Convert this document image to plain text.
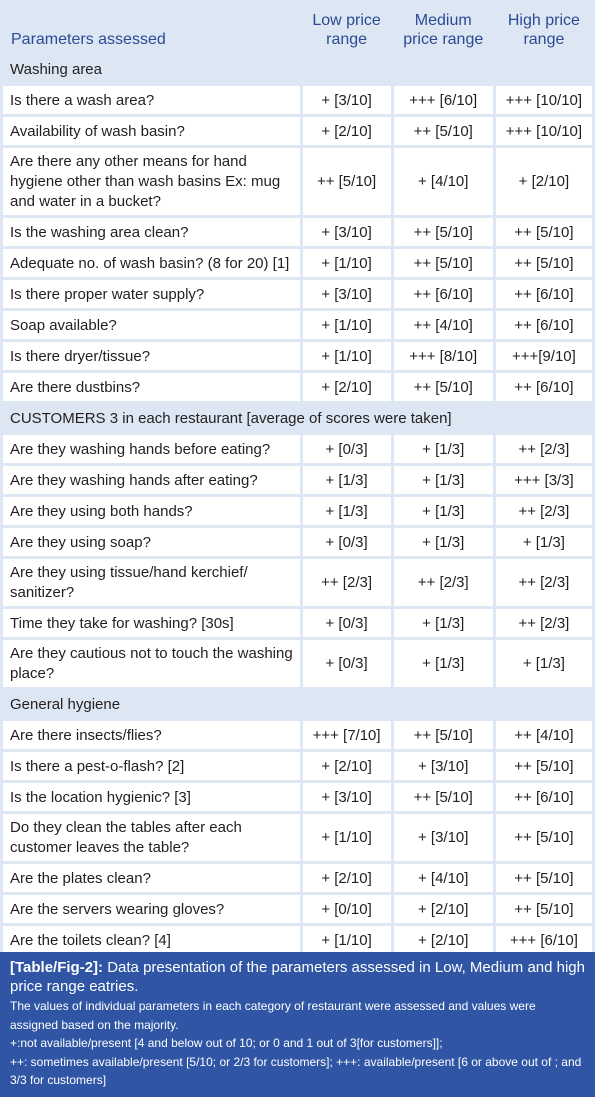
Parameters assessed	Low price range	Medium price range	High price range
Washing area			
Is there a wash area?	+ [3/10]	+++ [6/10]	+++ [10/10]
Availability of wash basin?	+ [2/10]	++ [5/10]	+++ [10/10]
Are there any other means for hand hygiene other than wash basins Ex: mug and water in a bucket?	++ [5/10]	+ [4/10]	+ [2/10]
Is the washing area clean?	+ [3/10]	++ [5/10]	++ [5/10]
Adequate no. of wash basin? (8 for 20) [1]	+ [1/10]	++ [5/10]	++ [5/10]
Is there proper water supply?	+ [3/10]	++ [6/10]	++ [6/10]
Soap available?	+ [1/10]	++ [4/10]	++ [6/10]
Is there dryer/tissue?	+ [1/10]	+++ [8/10]	+++[9/10]
Are there dustbins?	+ [2/10]	++ [5/10]	++ [6/10]
CUSTOMERS 3 in each restaurant [average of scores were taken]			
Are they washing hands before eating?	+ [0/3]	+ [1/3]	++ [2/3]
Are they washing hands after eating?	+ [1/3]	+ [1/3]	+++ [3/3]
Are they using both hands?	+ [1/3]	+ [1/3]	++ [2/3]
Are they using soap?	+ [0/3]	+ [1/3]	+ [1/3]
Are they using tissue/hand kerchief/ sanitizer?	++ [2/3]	++ [2/3]	++ [2/3]
Time they take for washing? [30s]	+ [0/3]	+ [1/3]	++ [2/3]
Are they cautious not to touch the washing place?	+ [0/3]	+ [1/3]	+ [1/3]
General hygiene			
Are there insects/flies?	+++ [7/10]	++ [5/10]	++ [4/10]
Is there a pest-o-flash? [2]	+ [2/10]	+ [3/10]	++ [5/10]
Is the location hygienic? [3]	+ [3/10]	++ [5/10]	++ [6/10]
Do they clean the tables after each customer leaves the table?	+ [1/10]	+ [3/10]	++ [5/10]
Are the plates clean?	+ [2/10]	+ [4/10]	++ [5/10]
Are the servers wearing gloves?	+ [0/10]	+ [2/10]	++ [5/10]
Are the toilets clean? [4]	+ [1/10]	+ [2/10]	+++ [6/10]
[Table/Fig-2]: Data presentation of the parameters assessed in Low, Medium and high price range eatries.
The values of individual parameters in each category of restaurant were assessed and values were assigned based on the majority.
+:not available/present [4 and below out of 10; or 0 and 1 out of 3[for customers]];
++: sometimes available/present [5/10; or 2/3 for customers]; +++: available/present [6 or above out of ; and 3/3 for customers]
